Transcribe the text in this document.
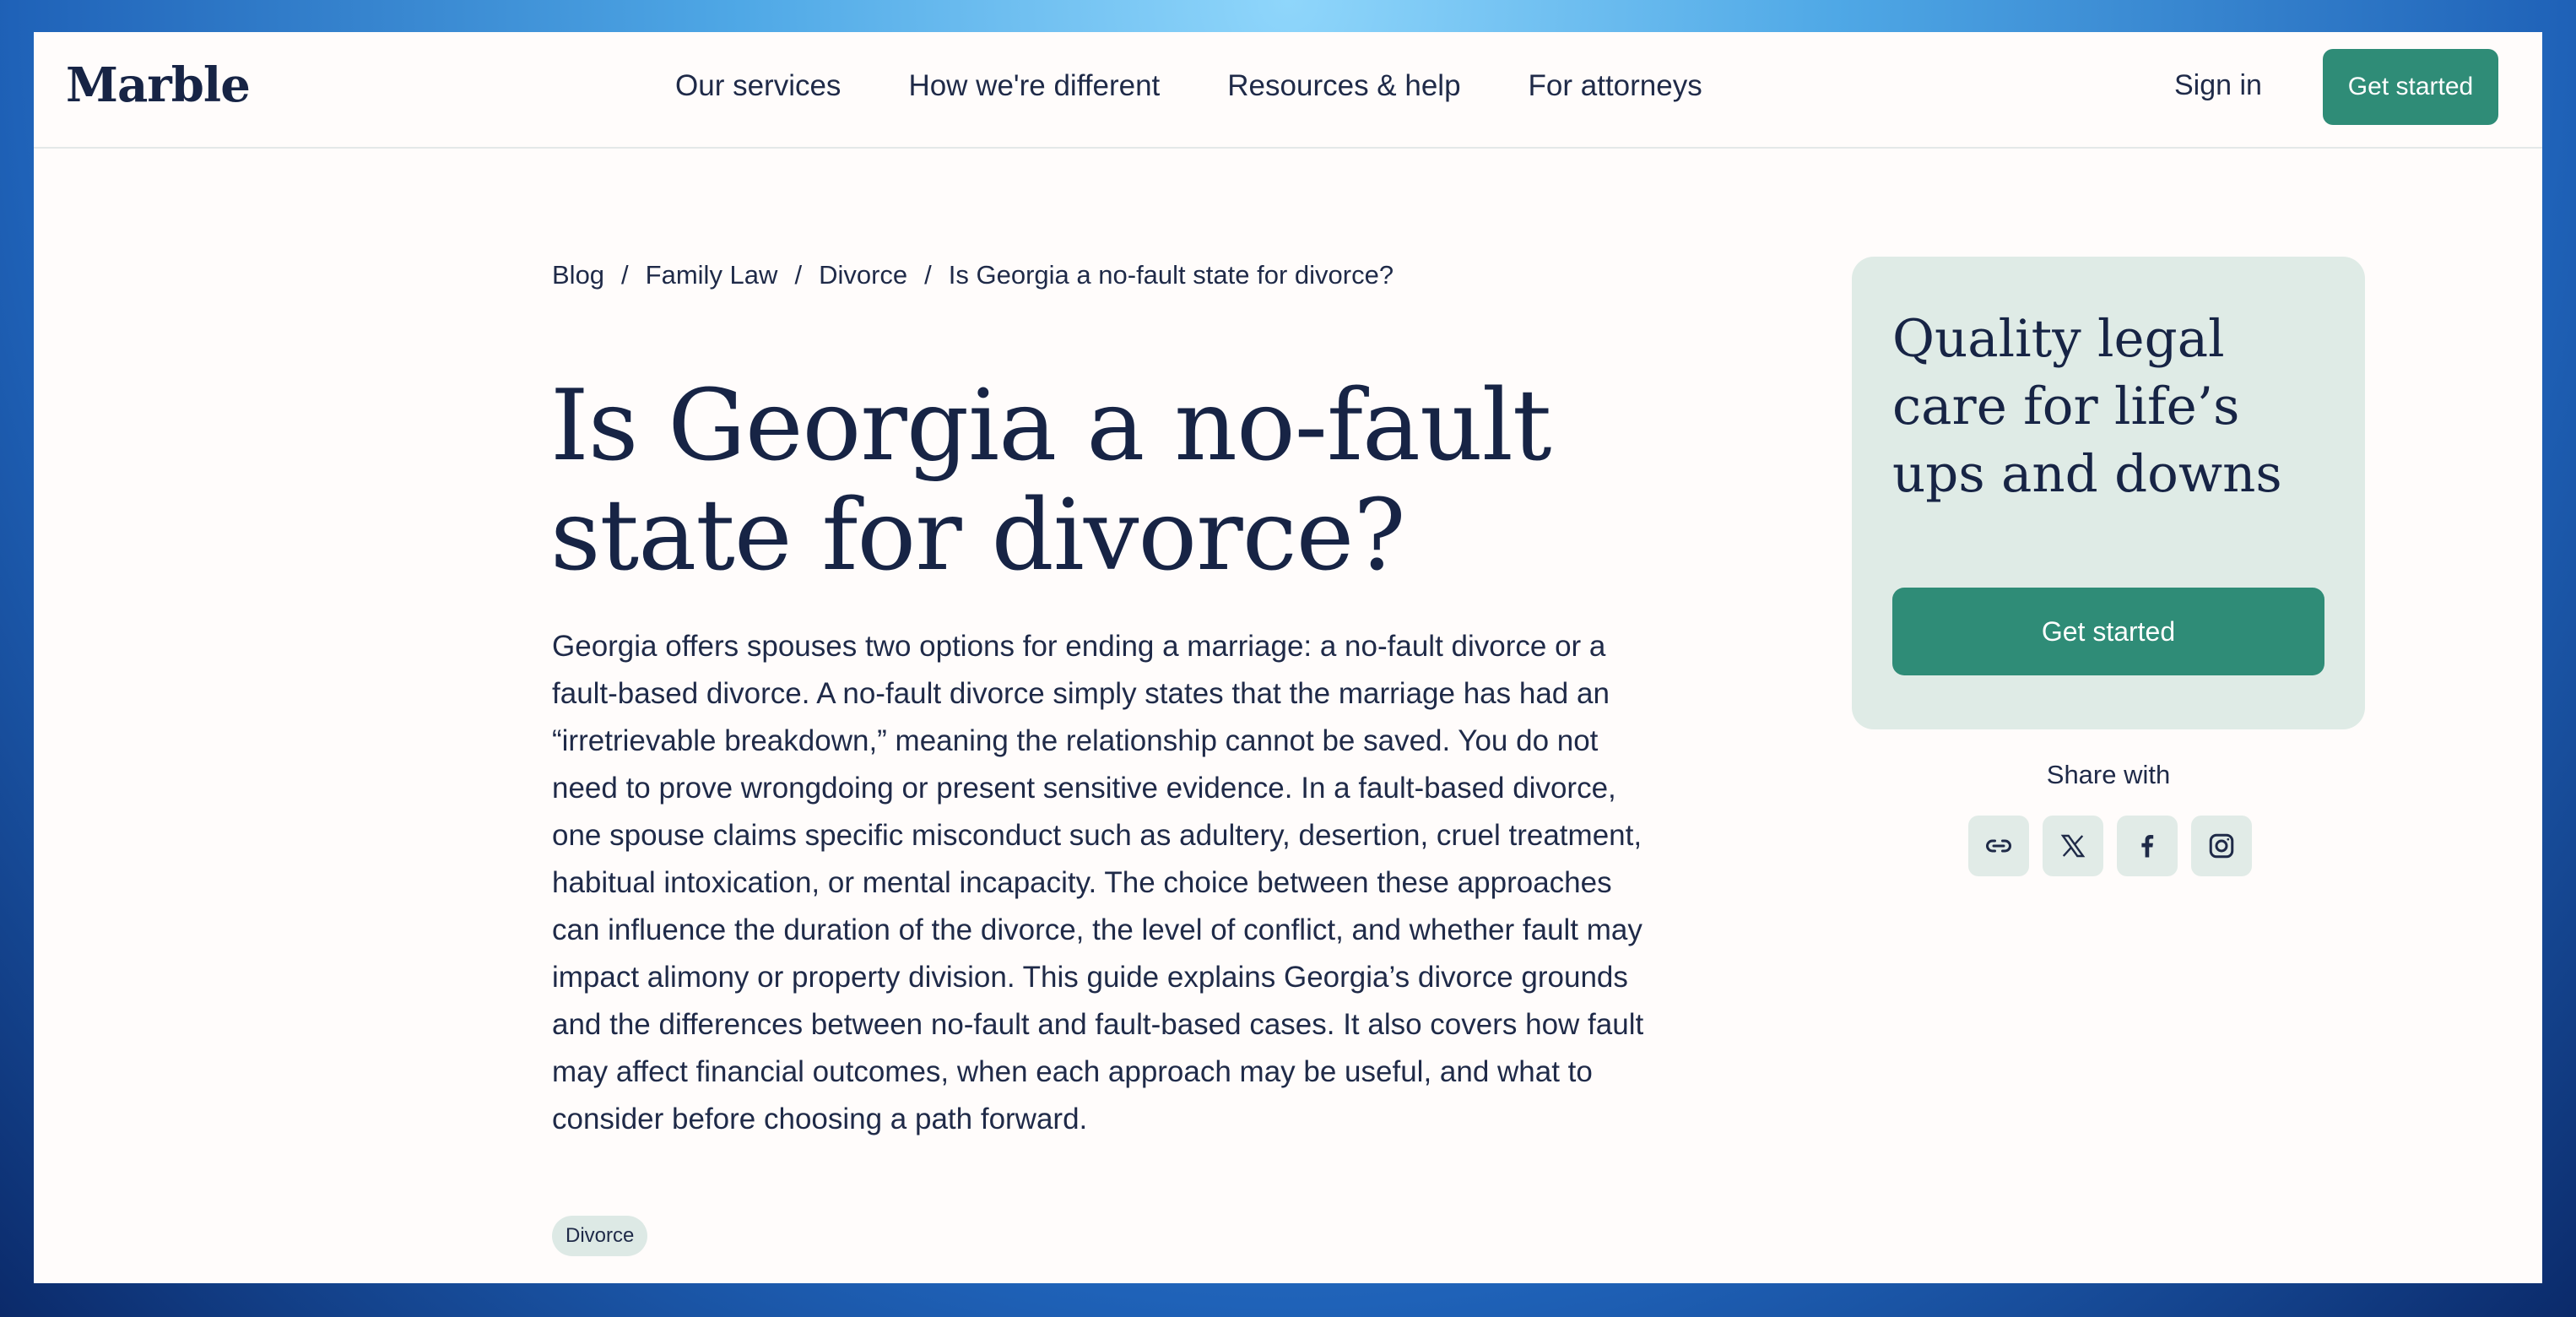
Marble	Our services How we're different Resources & help For attorneys	Sign in	Get started
Blog / Family Law / Divorce / Is Georgia a no-fault state for divorce?
Is Georgia a no-fault
state for divorce?

Georgia offers spouses two options for ending a marriage: a no-fault divorce or a fault-based divorce. A no-fault divorce simply states that the marriage has had an “irretrievable breakdown,” meaning the relationship cannot be saved. You do not need to prove wrongdoing or present sensitive evidence. In a fault-based divorce, one spouse claims specific misconduct such as adultery, desertion, cruel treatment, habitual intoxication, or mental incapacity. The choice between these approaches can influence the duration of the divorce, the level of conflict, and whether fault may impact alimony or property division. This guide explains Georgia’s divorce grounds and the differences between no-fault and fault-based cases. It also covers how fault may affect financial outcomes, when each approach may be useful, and what to consider before choosing a path forward.

Divorce
Quality legal care for life’s ups and downs
Get started
Share with
